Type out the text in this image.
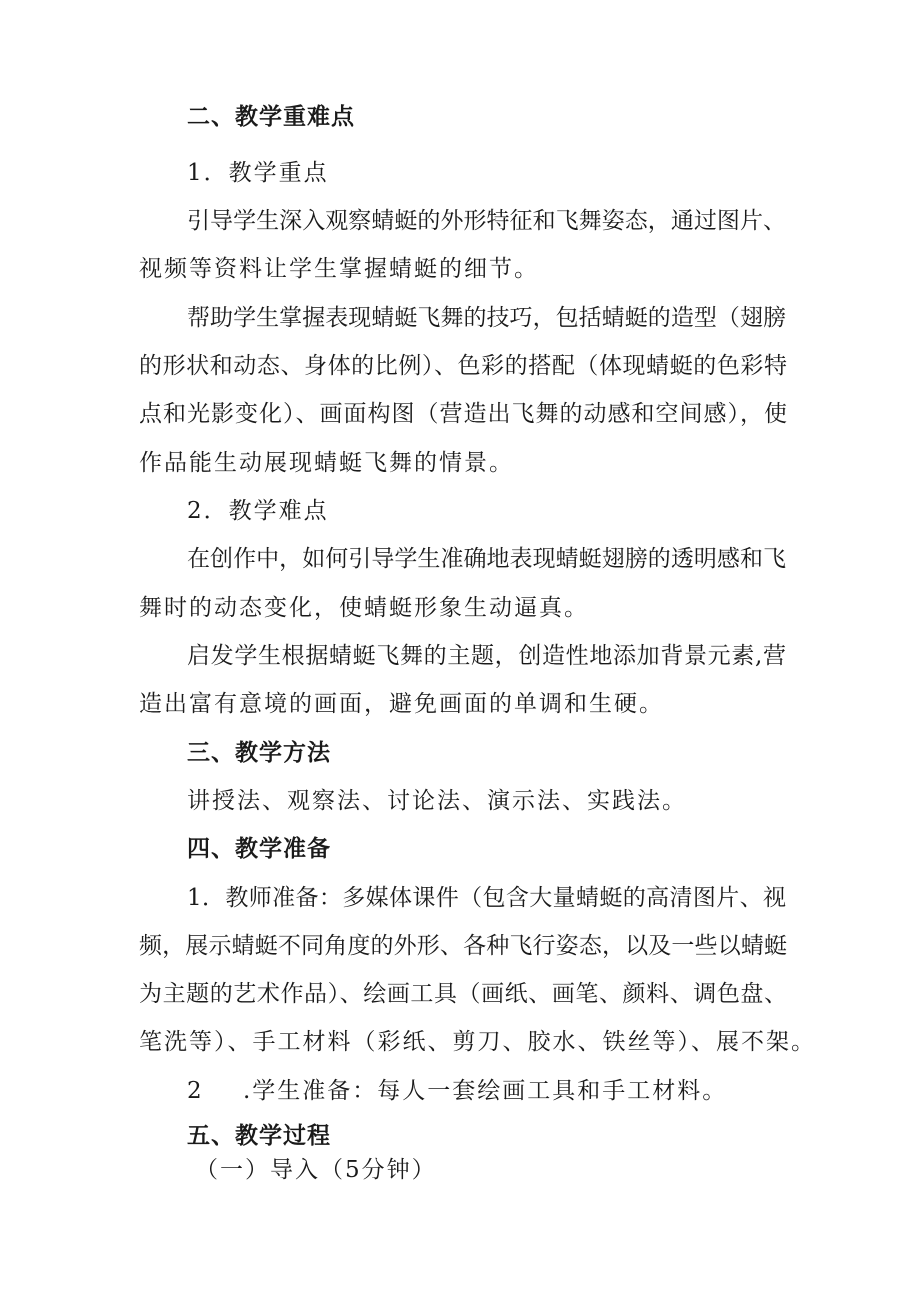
二、教学重难点
1．教学重点
引导学生深入观察蜻蜓的外形特征和飞舞姿态，通过图片、
视频等资料让学生掌握蜻蜓的细节。
帮助学生掌握表现蜻蜓飞舞的技巧，包括蜻蜓的造型（翅膀
的形状和动态、身体的比例）、色彩的搭配（体现蜻蜓的色彩特
点和光影变化）、画面构图（营造出飞舞的动感和空间感），使
作品能生动展现蜻蜓飞舞的情景。
2．教学难点
在创作中，如何引导学生准确地表现蜻蜓翅膀的透明感和飞
舞时的动态变化，使蜻蜓形象生动逼真。
启发学生根据蜻蜓飞舞的主题，创造性地添加背景元素,营
造出富有意境的画面，避免画面的单调和生硬。
三、教学方法
讲授法、观察法、讨论法、演示法、实践法。
四、教学准备
1．教师准备：多媒体课件（包含大量蜻蜓的高清图片、视
频，展示蜻蜓不同角度的外形、各种飞行姿态，以及一些以蜻蜓
为主题的艺术作品）、绘画工具（画纸、画笔、颜料、调色盘、
笔洗等）、手工材料（彩纸、剪刀、胶水、铁丝等）、展不架。
2 .学生准备：每人一套绘画工具和手工材料。
五、教学过程
（一）导入（5分钟）
